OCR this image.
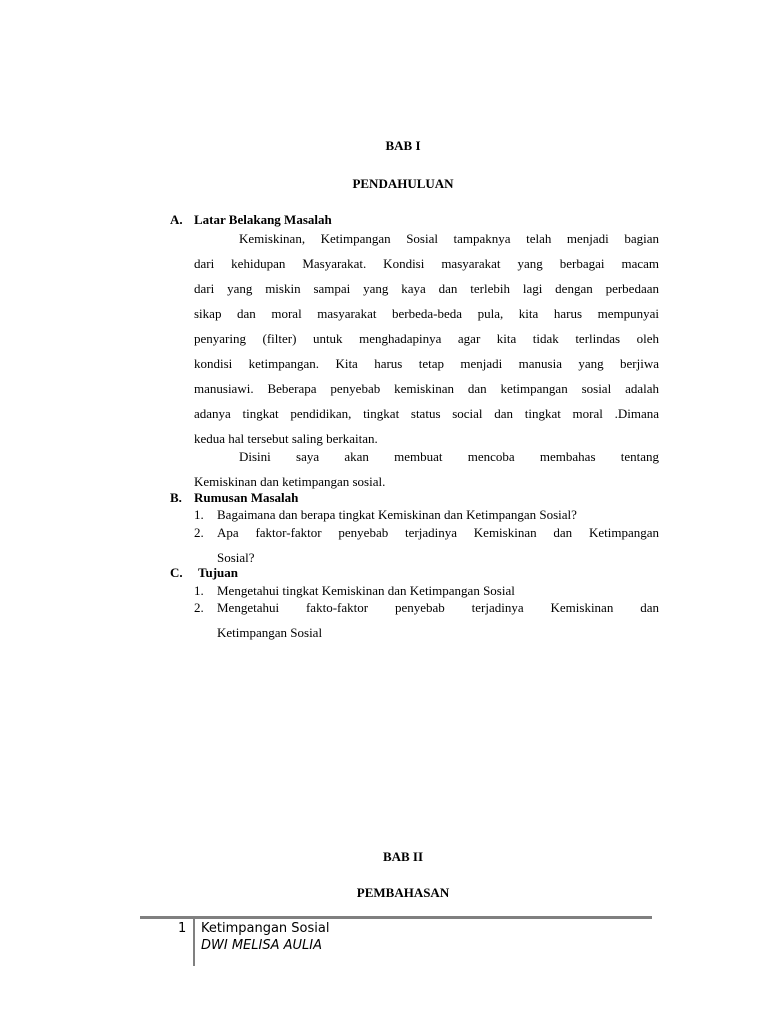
BAB I
PENDAHULUAN
A. Latar Belakang Masalah
Kemiskinan, Ketimpangan Sosial tampaknya telah menjadi bagian
dari kehidupan Masyarakat. Kondisi masyarakat yang berbagai macam
dari yang miskin sampai yang kaya dan terlebih lagi dengan perbedaan
sikap dan moral masyarakat berbeda-beda pula, kita harus mempunyai
penyaring (filter) untuk menghadapinya agar kita tidak terlindas oleh
kondisi ketimpangan. Kita harus tetap menjadi manusia yang berjiwa
manusiawi. Beberapa penyebab kemiskinan dan ketimpangan sosial adalah
adanya tingkat pendidikan, tingkat status social dan tingkat moral .Dimana
kedua hal tersebut saling berkaitan.
Disini saya akan membuat mencoba membahas tentang
Kemiskinan dan ketimpangan sosial.
B. Rumusan Masalah
1. Bagaimana dan berapa tingkat Kemiskinan dan Ketimpangan Sosial?
2. Apa faktor-faktor penyebab terjadinya Kemiskinan dan Ketimpangan
Sosial?
C. Tujuan
1. Mengetahui tingkat Kemiskinan dan Ketimpangan Sosial
2. Mengetahui fakto-faktor penyebab terjadinya Kemiskinan dan
Ketimpangan Sosial
BAB II
PEMBAHASAN
1 Ketimpangan Sosial
DWI MELISA AULIA
